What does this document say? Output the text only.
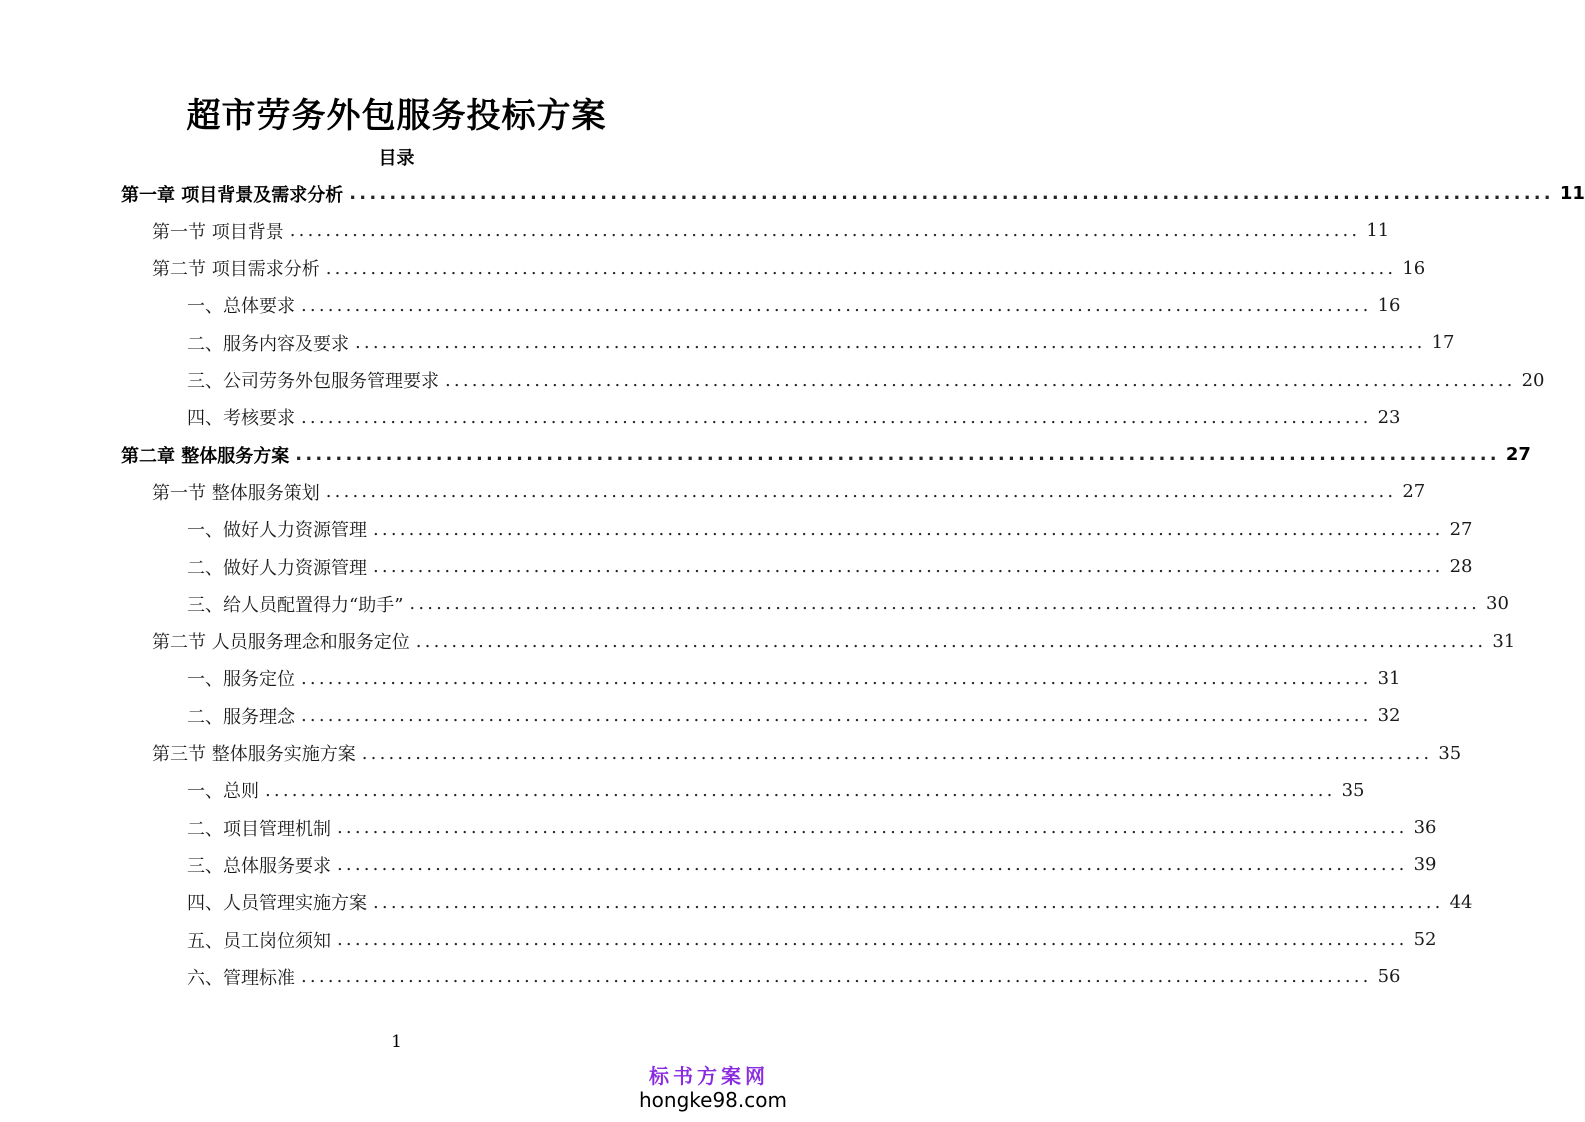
超市劳务外包服务投标方案
目录
第一章 项目背景及需求分析 ........................................................................................................................ 11
第一节 项目背景 ........................................................................................................................ 11
第二节 项目需求分析 ........................................................................................................................ 16
一、总体要求 ........................................................................................................................ 16
二、服务内容及要求 ........................................................................................................................ 17
三、公司劳务外包服务管理要求 ........................................................................................................................ 20
四、考核要求 ........................................................................................................................ 23
第二章 整体服务方案 ........................................................................................................................ 27
第一节 整体服务策划 ........................................................................................................................ 27
一、做好人力资源管理 ........................................................................................................................ 27
二、做好人力资源管理 ........................................................................................................................ 28
三、给人员配置得力“助手” ........................................................................................................................ 30
第二节 人员服务理念和服务定位 ........................................................................................................................ 31
一、服务定位 ........................................................................................................................ 31
二、服务理念 ........................................................................................................................ 32
第三节 整体服务实施方案 ........................................................................................................................ 35
一、总则 ........................................................................................................................ 35
二、项目管理机制 ........................................................................................................................ 36
三、总体服务要求 ........................................................................................................................ 39
四、人员管理实施方案 ........................................................................................................................ 44
五、员工岗位须知 ........................................................................................................................ 52
六、管理标准 ........................................................................................................................ 56
1
标书方案网
hongke98.com
